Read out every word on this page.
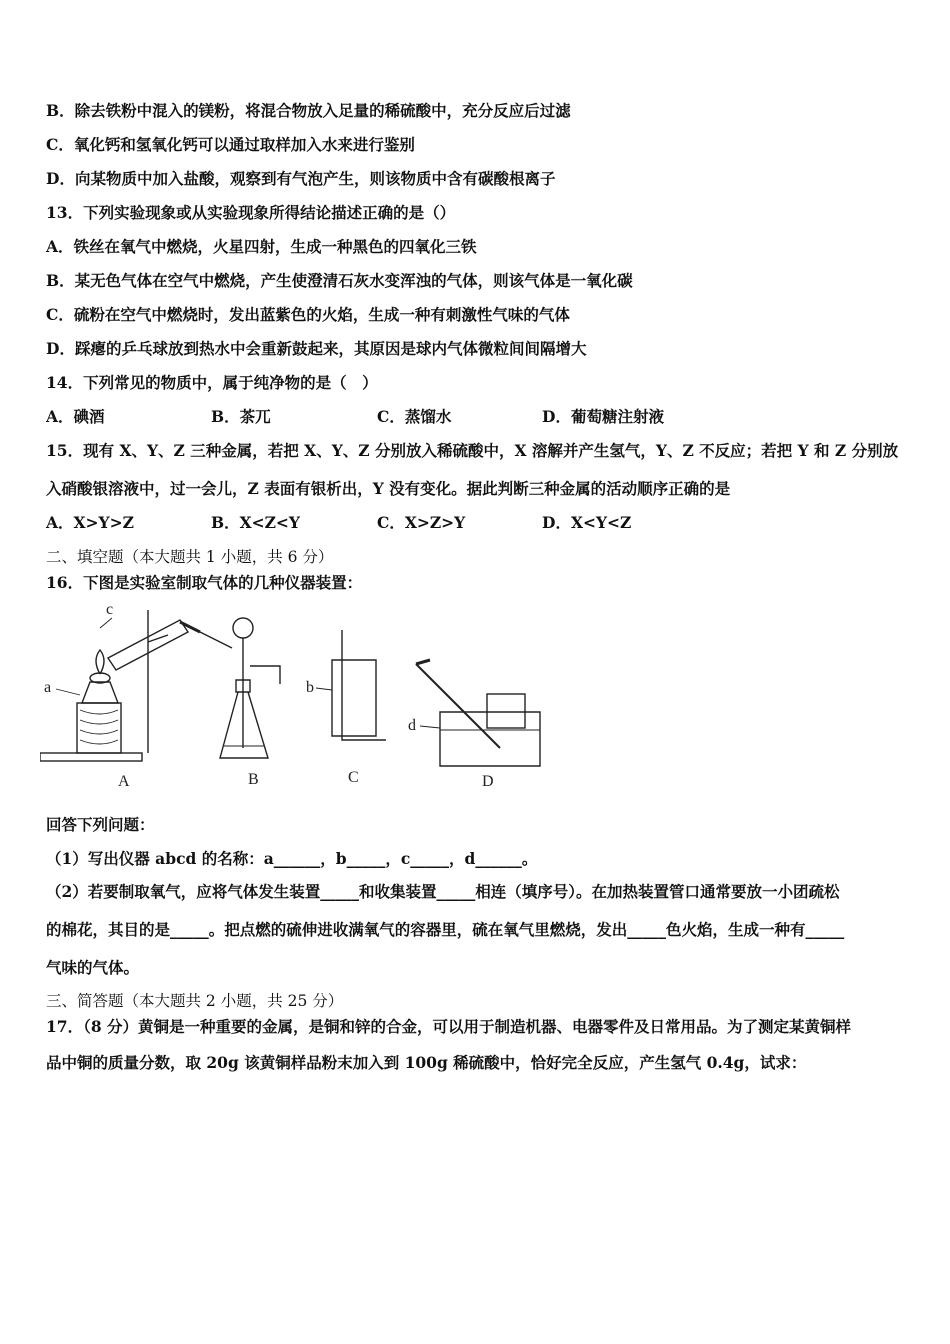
B．除去铁粉中混入的镁粉，将混合物放入足量的稀硫酸中，充分反应后过滤
C．氧化钙和氢氧化钙可以通过取样加入水来进行鉴别
D．向某物质中加入盐酸，观察到有气泡产生，则该物质中含有碳酸根离子
13．下列实验现象或从实验现象所得结论描述正确的是（）
A．铁丝在氧气中燃烧，火星四射，生成一种黑色的四氧化三铁
B．某无色气体在空气中燃烧，产生使澄清石灰水变浑浊的气体，则该气体是一氧化碳
C．硫粉在空气中燃烧时，发出蓝紫色的火焰，生成一种有刺激性气味的气体
D．踩瘪的乒乓球放到热水中会重新鼓起来，其原因是球内气体微粒间间隔增大
14．下列常见的物质中，属于纯净物的是（　）
A．碘酒	B．茶兀	C．蒸馏水	D．葡萄糖注射液
15．现有 X、Y、Z 三种金属，若把 X、Y、Z 分别放入稀硫酸中，X 溶解并产生氢气，Y、Z 不反应；若把 Y 和 Z 分别放
入硝酸银溶液中，过一会儿，Z 表面有银析出，Y 没有变化。据此判断三种金属的活动顺序正确的是
A．X>Y>Z	B．X<Z<Y	C．X>Z>Y	D．X<Y<Z
二、填空题（本大题共 1 小题，共 6 分）
16．下图是实验室制取气体的几种仪器装置：
c
a	b
d
A	B	C	D
回答下列问题：
（1）写出仪器 abcd 的名称：a______，b_____，c_____，d______。
（2）若要制取氧气，应将气体发生装置_____和收集装置_____相连（填序号）。在加热装置管口通常要放一小团疏松
的棉花，其目的是_____。把点燃的硫伸进收满氧气的容器里，硫在氧气里燃烧，发出_____色火焰，生成一种有_____
气味的气体。
三、简答题（本大题共 2 小题，共 25 分）
17．（8 分）黄铜是一种重要的金属，是铜和锌的合金，可以用于制造机器、电器零件及日常用品。为了测定某黄铜样
品中铜的质量分数，取 20g 该黄铜样品粉末加入到 100g 稀硫酸中，恰好完全反应，产生氢气 0.4g，试求：
